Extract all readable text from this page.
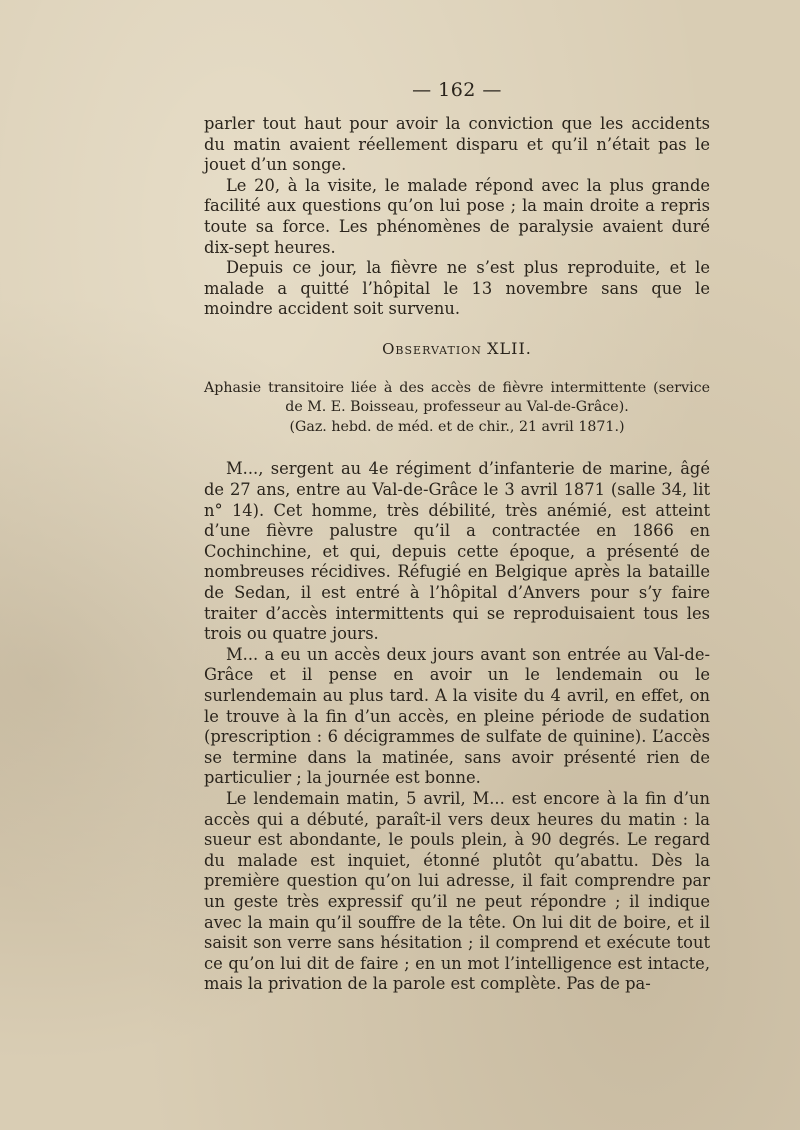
— 162 —

parler tout haut pour avoir la conviction que les accidents du matin avaient réellement disparu et qu’il n’était pas le jouet d’un songe.

Le 20, à la visite, le malade répond avec la plus grande facilité aux questions qu’on lui pose ; la main droite a repris toute sa force. Les phénomènes de paralysie avaient duré dix-sept heures.

Depuis ce jour, la fièvre ne s’est plus reproduite, et le malade a quitté l’hôpital le 13 novembre sans que le moindre accident soit survenu.

Observation XLII.
Aphasie transitoire liée à des accès de fièvre intermittente (service
de M. E. Boisseau, professeur au Val-de-Grâce).
(Gaz. hebd. de méd. et de chir., 21 avril 1871.)

M..., sergent au 4e régiment d’infanterie de marine, âgé de 27 ans, entre au Val-de-Grâce le 3 avril 1871 (salle 34, lit n° 14). Cet homme, très débilité, très anémié, est atteint d’une fièvre palustre qu’il a contractée en 1866 en Cochinchine, et qui, depuis cette époque, a présenté de nombreuses récidives. Réfugié en Belgique après la bataille de Sedan, il est entré à l’hôpital d’Anvers pour s’y faire traiter d’accès intermittents qui se reproduisaient tous les trois ou quatre jours.

M... a eu un accès deux jours avant son entrée au Val-de-Grâce et il pense en avoir un le lendemain ou le surlendemain au plus tard. A la visite du 4 avril, en effet, on le trouve à la fin d’un accès, en pleine période de sudation (prescription : 6 décigrammes de sulfate de quinine). L’accès se termine dans la matinée, sans avoir présenté rien de particulier ; la journée est bonne.

Le lendemain matin, 5 avril, M... est encore à la fin d’un accès qui a débuté, paraît-il vers deux heures du matin : la sueur est abondante, le pouls plein, à 90 degrés. Le regard du malade est inquiet, étonné plutôt qu’abattu. Dès la première question qu’on lui adresse, il fait comprendre par un geste très expressif qu’il ne peut répondre ; il indique avec la main qu’il souffre de la tête. On lui dit de boire, et il saisit son verre sans hésitation ; il comprend et exécute tout ce qu’on lui dit de faire ; en un mot l’intelligence est intacte, mais la privation de la parole est complète. Pas de pa-
